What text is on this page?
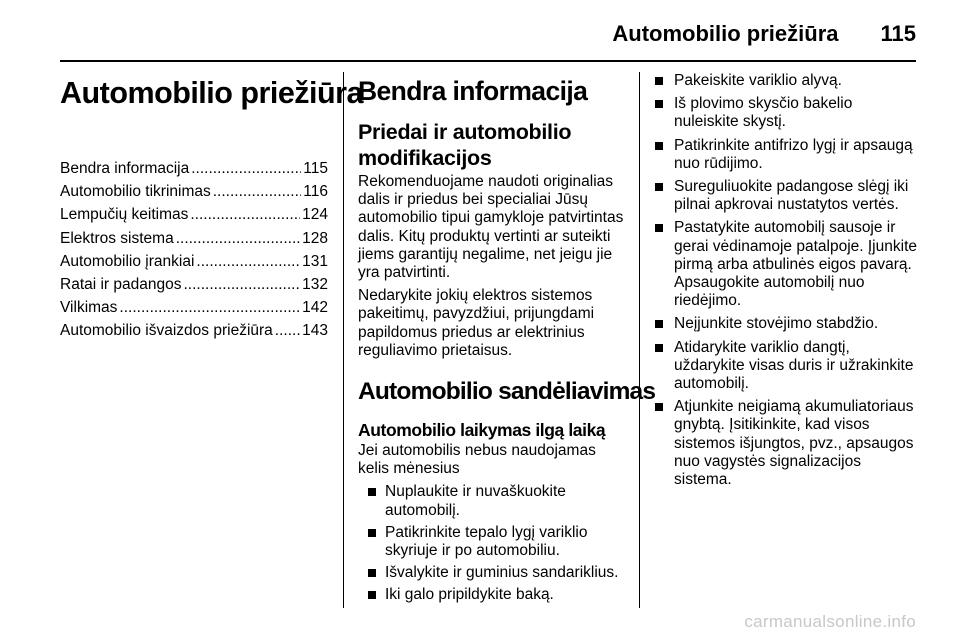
Automobilio priežiūra 115
Automobilio priežiūra
Bendra informacija .....	115
Automobilio tikrinimas .....	116
Lempučių keitimas .....	124
Elektros sistema .....	128
Automobilio įrankiai .....	131
Ratai ir padangos .....	132
Vilkimas .....	142
Automobilio išvaizdos priežiūra ..... 143
Bendra informacija
Priedai ir automobilio modifikacijos

Rekomenduojame naudoti originalias dalis ir priedus bei specialiai Jūsų automobilio tipui gamykloje patvirtintas dalis. Kitų produktų vertinti ar suteikti jiems garantijų negalime, net jeigu jie yra patvirtinti.

Nedarykite jokių elektros sistemos pakeitimų, pavyzdžiui, prijungdami papildomus priedus ar elektrinius reguliavimo prietaisus.

Automobilio sandėliavimas
Automobilio laikymas ilgą laiką

Jei automobilis nebus naudojamas kelis mėnesius

Nuplaukite ir nuvaškuokite automobilį.
Patikrinkite tepalo lygį variklio skyriuje ir po automobiliu.
Išvalykite ir guminius sandariklius.
Iki galo pripildykite baką.
Pakeiskite variklio alyvą.
Iš plovimo skysčio bakelio nuleiskite skystį.
Patikrinkite antifrizo lygį ir apsaugą nuo rūdijimo.
Sureguliuokite padangose slėgį iki pilnai apkrovai nustatytos vertės.
Pastatykite automobilį sausoje ir gerai vėdinamoje patalpoje. Įjunkite pirmą arba atbulinės eigos pavarą. Apsaugokite automobilį nuo riedėjimo.
Neįjunkite stovėjimo stabdžio.
Atidarykite variklio dangtį, uždarykite visas duris ir užrakinkite automobilį.
Atjunkite neigiamą akumuliatoriaus gnybtą. Įsitikinkite, kad visos sistemos išjungtos, pvz., apsaugos nuo vagystės signalizacijos sistema.
carmanualsonline.info
